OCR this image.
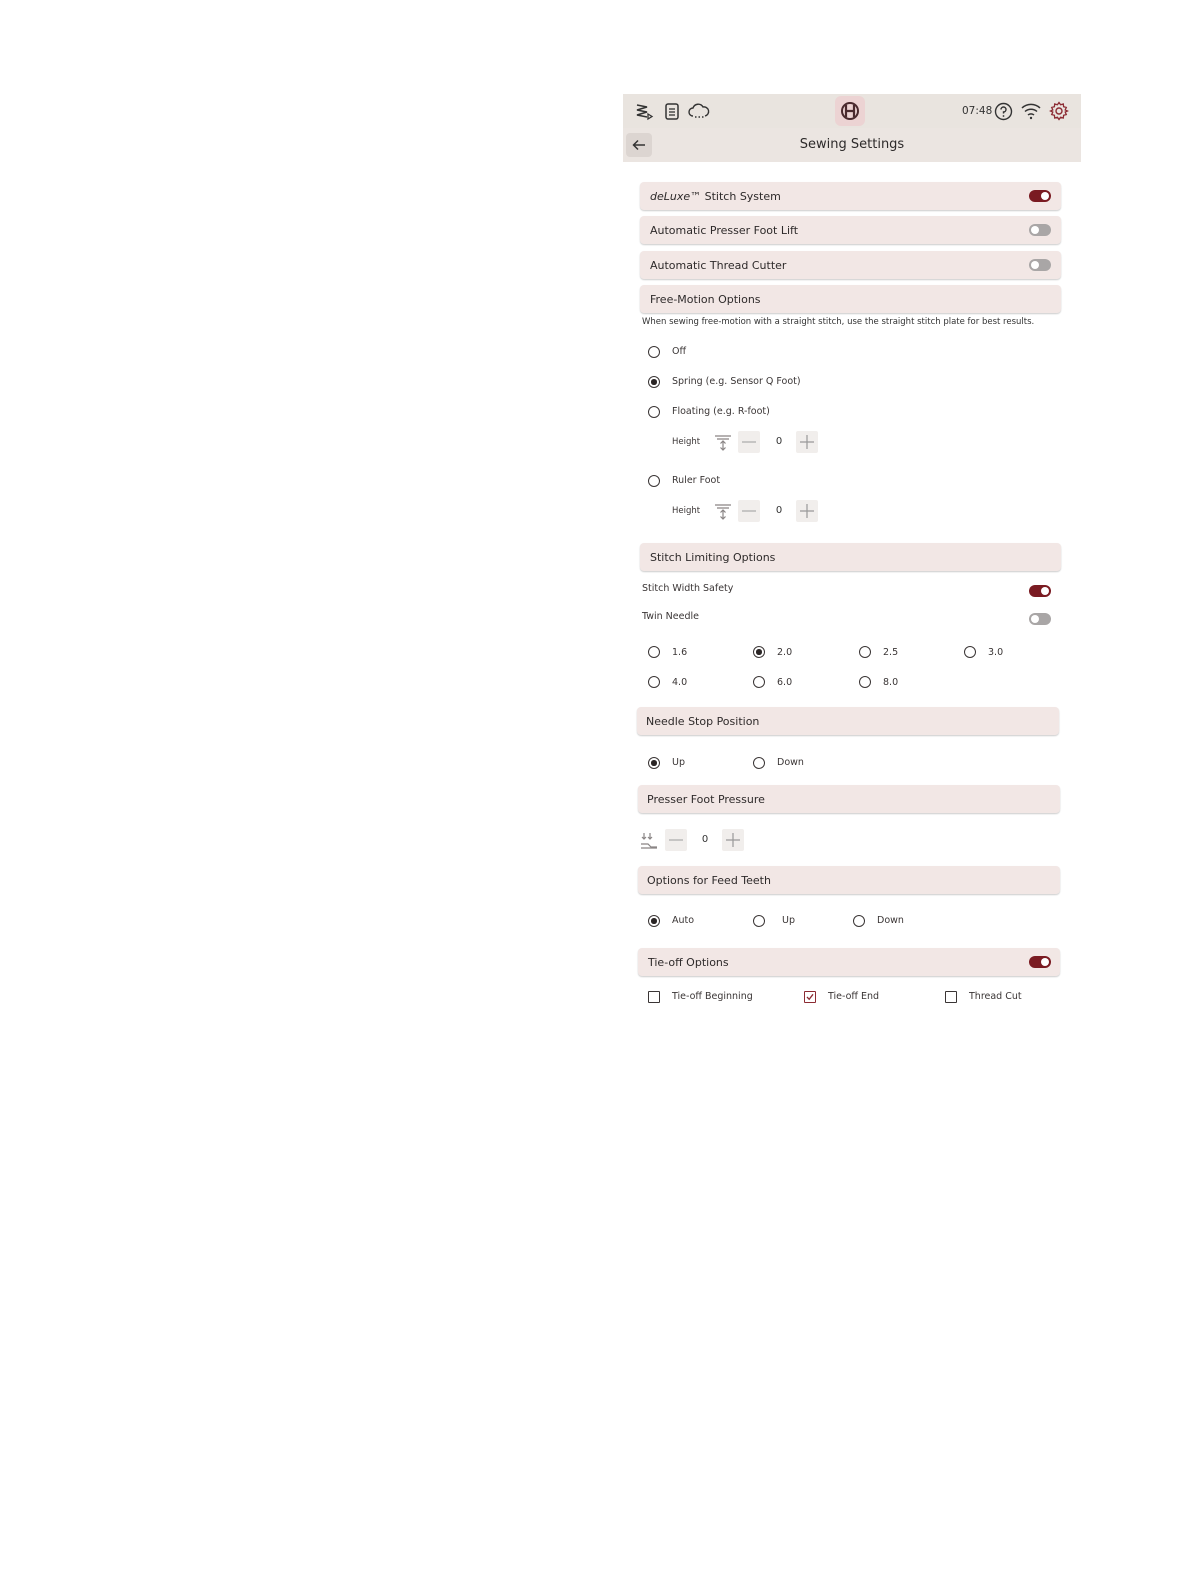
07:48
Sewing Settings
deLuxe™ Stitch System
Automatic Presser Foot Lift
Automatic Thread Cutter
Free-Motion Options
When sewing free-motion with a straight stitch, use the straight stitch plate for best results.
Off
Spring (e.g. Sensor Q Foot)
Floating (e.g. R-foot)
Height	0
Ruler Foot
Height	0
Stitch Limiting Options
Stitch Width Safety
Twin Needle
1.6	2.0	2.5	3.0
4.0	6.0	8.0
Needle Stop Position
Up	Down
Presser Foot Pressure
0
Options for Feed Teeth
Auto	Up	Down
Tie-off Options
Tie-off Beginning	Tie-off End	Thread Cut
